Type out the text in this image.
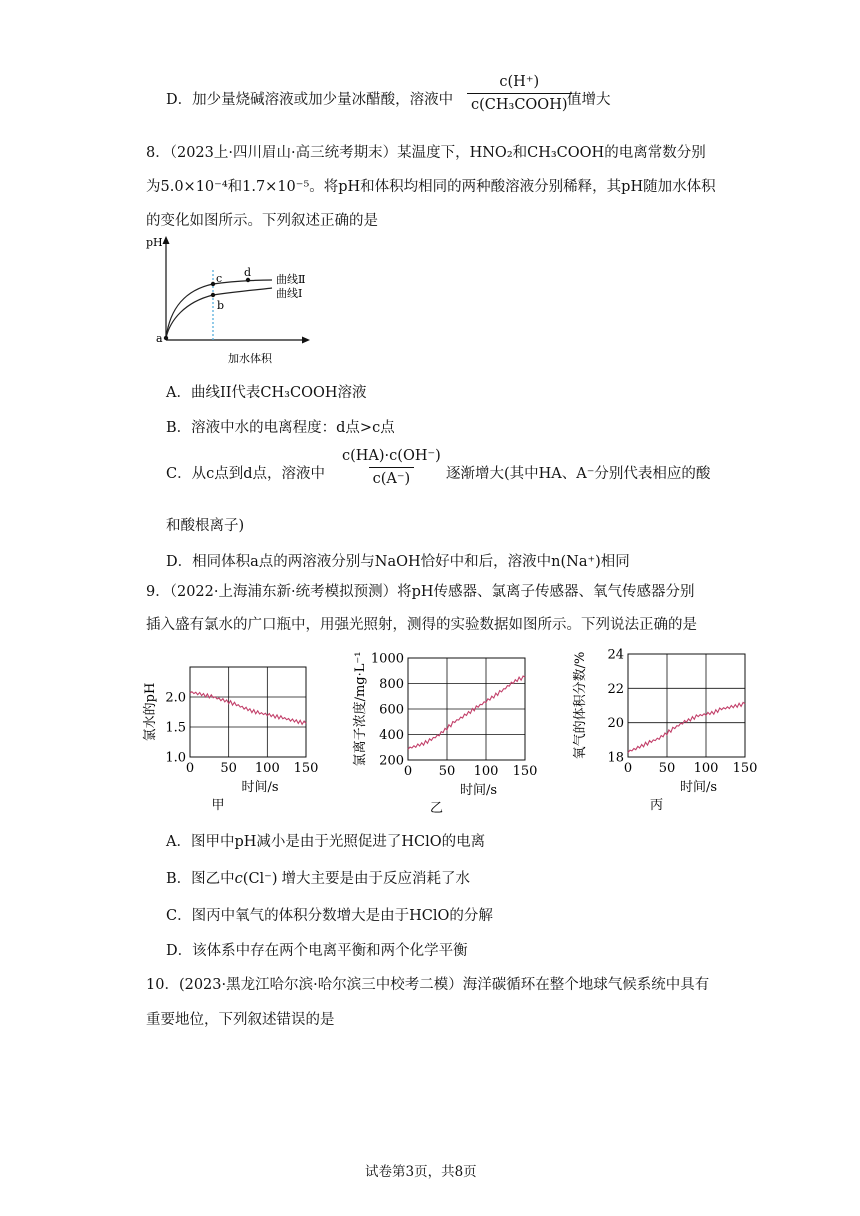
D．加少量烧碱溶液或加少量冰醋酸，溶液中
c(H⁺)
c(CH₃COOH) 值增大
8．（2023上·四川眉山·高三统考期末）某温度下，HNO₂和CH₃COOH的电离常数分别
为5.0×10⁻⁴和1.7×10⁻⁵。将pH和体积均相同的两种酸溶液分别稀释，其pH随加水体积
的变化如图所示。下列叙述正确的是
pH
加水体积
a
b
c d
曲线Ⅱ
曲线Ⅰ
A．曲线II代表CH₃COOH溶液
B．溶液中水的电离程度：d点>c点
C．从c点到d点，溶液中 $\frac{c(HA)\cdot c(OH^-)}{c(A^-)}$ 逐渐增大(其中HA、A⁻分别代表相应的酸
和酸根离子)
D．相同体积a点的两溶液分别与NaOH恰好中和后，溶液中n(Na⁺)相同
9．（2022·上海浦东新·统考模拟预测）将pH传感器、氯离子传感器、氧气传感器分别
插入盛有氯水的广口瓶中，用强光照射，测得的实验数据如图所示。下列说法正确的是
0 50 100 150
1.0
1.5
2.0
时间/s
氯水的pH
甲
0 50 100 150
200
400
600
800
1000
时间/s
氯离子浓度/mg·L⁻¹
乙
0 50 100 150
18
20
22
24
时间/s
氧气的体积分数/%
丙
A．图甲中pH减小是由于光照促进了HClO的电离
B．图乙中c(Cl⁻) 增大主要是由于反应消耗了水
C．图丙中氧气的体积分数增大是由于HClO的分解
D．该体系中存在两个电离平衡和两个化学平衡
10．(2023·黑龙江哈尔滨·哈尔滨三中校考二模）海洋碳循环在整个地球气候系统中具有
重要地位，下列叙述错误的是
试卷第3页，共8页
